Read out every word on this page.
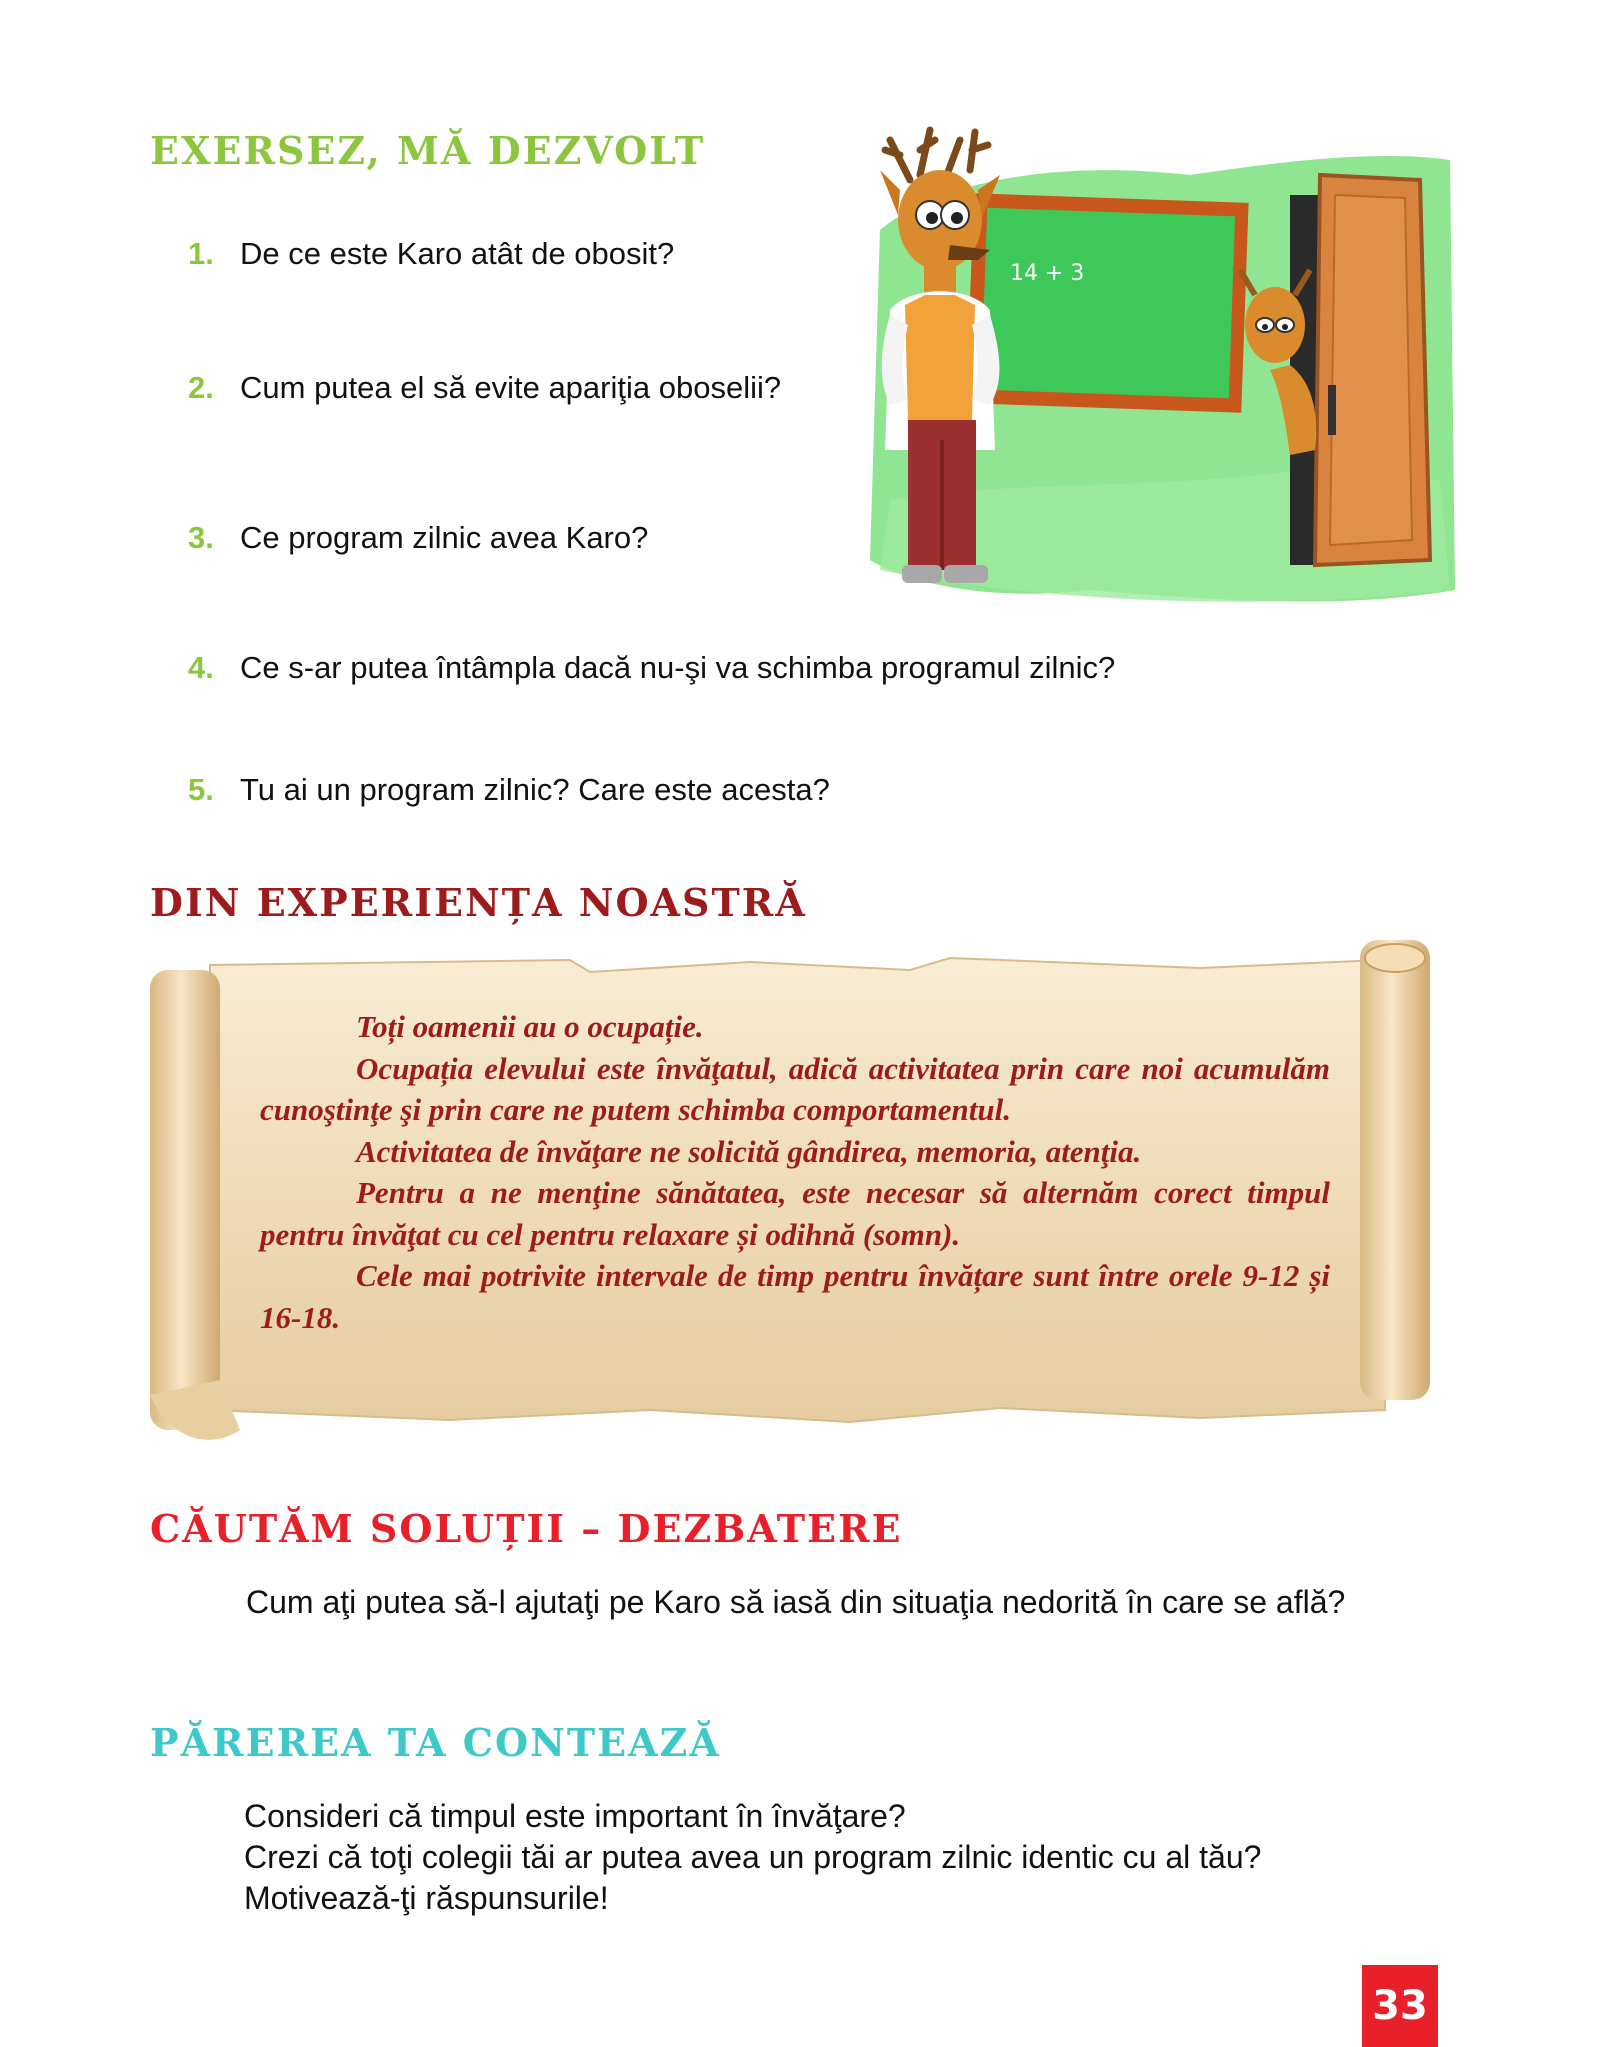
EXERSEZ, MĂ DEZVOLT
1. De ce este Karo atât de obosit?
2. Cum putea el să evite apariţia oboselii?
3. Ce program zilnic avea Karo?
4. Ce s-ar putea întâmpla dacă nu-şi va schimba programul zilnic?
5. Tu ai un program zilnic? Care este acesta?
14 + 3
DIN EXPERIENȚA NOASTRĂ

Toți oamenii au o ocupație.

Ocupația elevului este învăţatul, adică activitatea prin care noi acumulăm cunoştinţe şi prin care ne putem schimba comportamentul.

Activitatea de învăţare ne solicită gândirea, memoria, atenţia.

Pentru a ne menţine sănătatea, este necesar să alternăm corect timpul pentru învăţat cu cel pentru relaxare și odihnă (somn).

Cele mai potrivite intervale de timp pentru învățare sunt între orele 9-12 și 16-18.

CĂUTĂM SOLUȚII – DEZBATERE
Cum aţi putea să-l ajutaţi pe Karo să iasă din situaţia nedorită în care se află?
PĂREREA TA CONTEAZĂ
Consideri că timpul este important în învăţare?
Crezi că toţi colegii tăi ar putea avea un program zilnic identic cu al tău?
Motivează-ţi răspunsurile!
33
